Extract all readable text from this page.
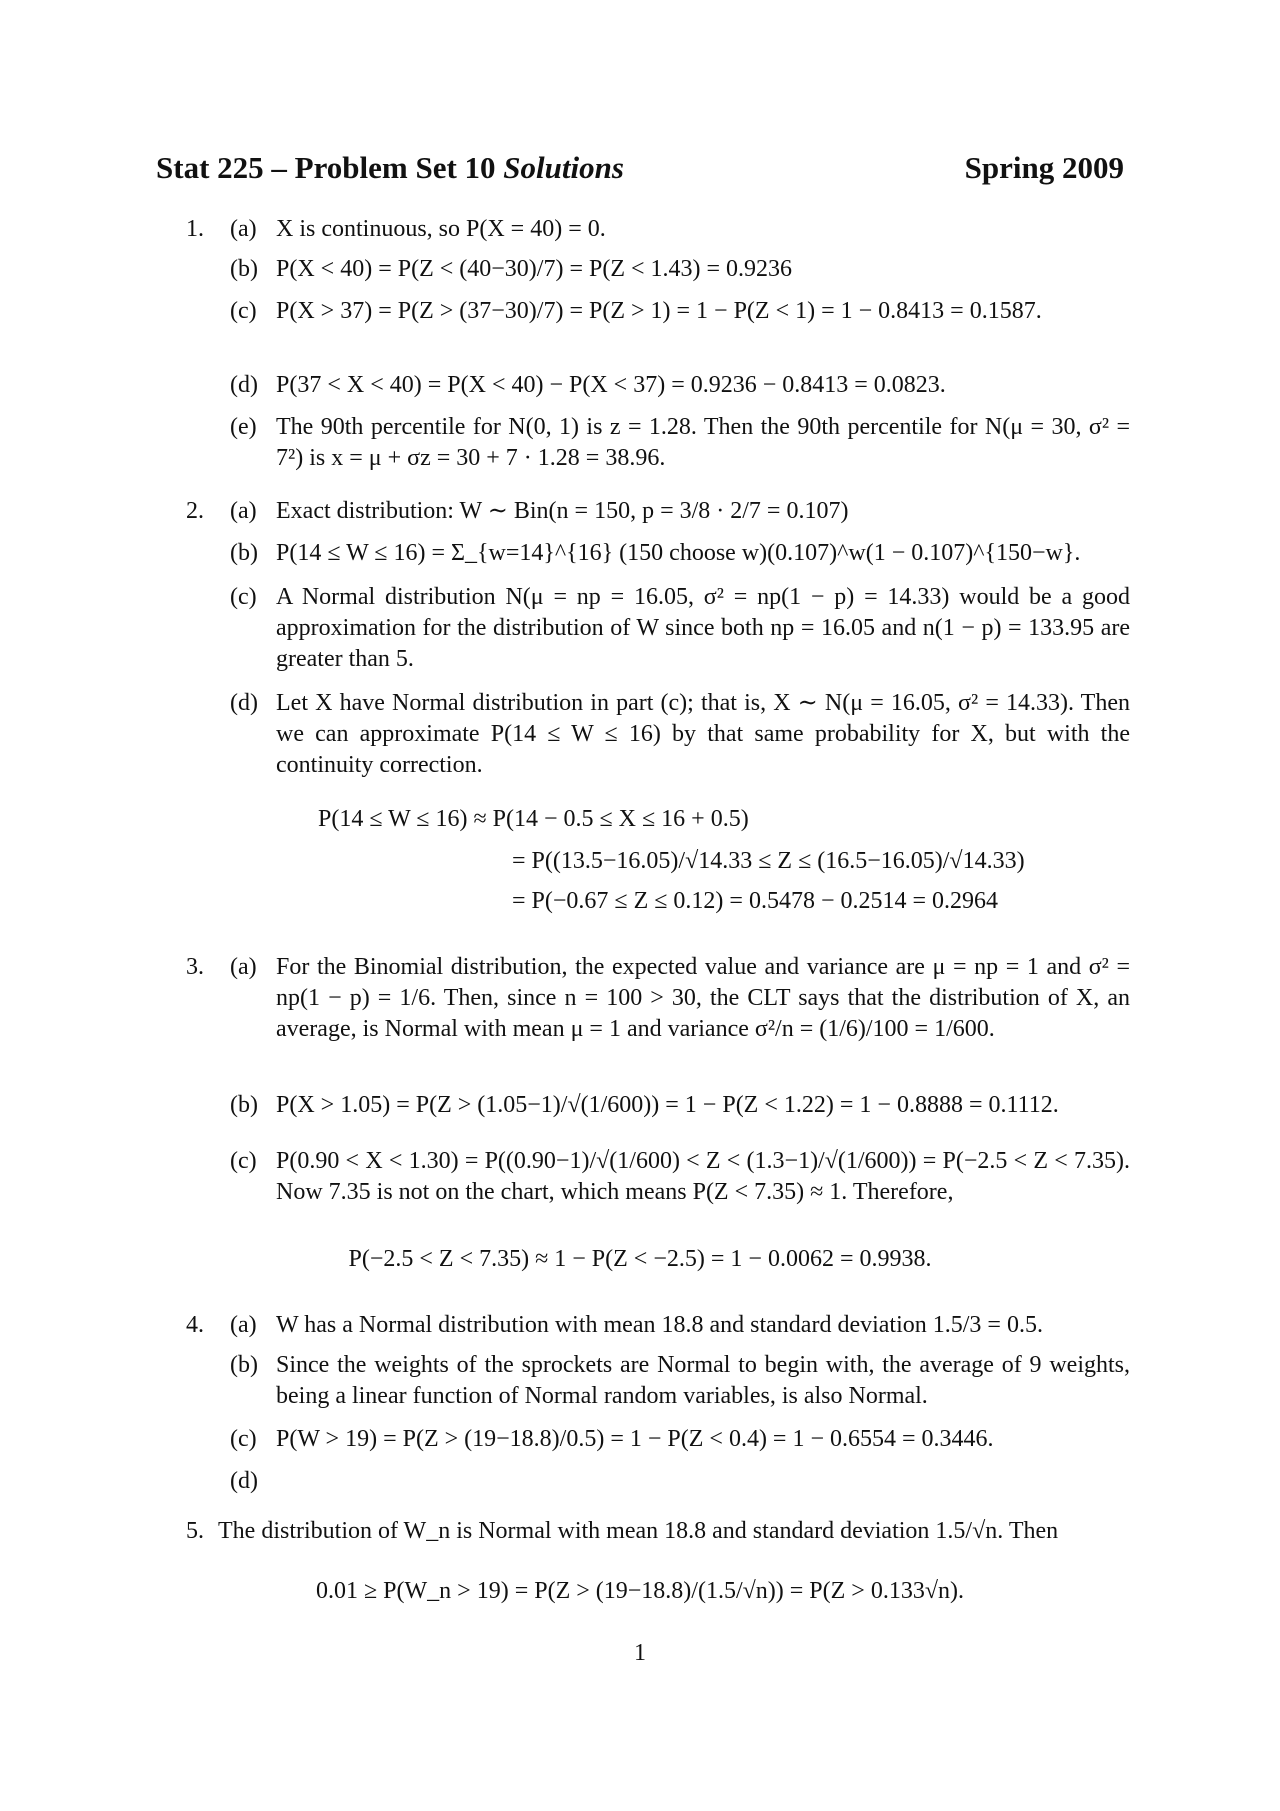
Stat 225 – Problem Set 10 Solutions	Spring 2009
1. (a) X is continuous, so P(X = 40) = 0.
(b) P(X < 40) = P(Z < (40−30)/7) = P(Z < 1.43) = 0.9236
(c) P(X > 37) = P(Z > (37−30)/7) = P(Z > 1) = 1 − P(Z < 1) = 1 − 0.8413 = 0.1587.
(d) P(37 < X < 40) = P(X < 40) − P(X < 37) = 0.9236 − 0.8413 = 0.0823.
(e) The 90th percentile for N(0, 1) is z = 1.28. Then the 90th percentile for N(μ = 30, σ² = 7²) is x = μ + σz = 30 + 7 · 1.28 = 38.96.
2. (a) Exact distribution: W ∼ Bin(n = 150, p = 3/8 · 2/7 = 0.107)
(b) P(14 ≤ W ≤ 16) = Σ_{w=14}^{16} (150 choose w)(0.107)^w(1 − 0.107)^{150−w}.
(c) A Normal distribution N(μ = np = 16.05, σ² = np(1 − p) = 14.33) would be a good approximation for the distribution of W since both np = 16.05 and n(1 − p) = 133.95 are greater than 5.
(d) Let X have Normal distribution in part (c); that is, X ∼ N(μ = 16.05, σ² = 14.33). Then we can approximate P(14 ≤ W ≤ 16) by that same probability for X, but with the continuity correction.
P(14 ≤ W ≤ 16) ≈ P(14 − 0.5 ≤ X ≤ 16 + 0.5)
= P((13.5−16.05)/√14.33 ≤ Z ≤ (16.5−16.05)/√14.33)
= P(−0.67 ≤ Z ≤ 0.12) = 0.5478 − 0.2514 = 0.2964
3. (a) For the Binomial distribution, the expected value and variance are μ = np = 1 and σ² = np(1 − p) = 1/6. Then, since n = 100 > 30, the CLT says that the distribution of X, an average, is Normal with mean μ = 1 and variance σ²/n = (1/6)/100 = 1/600.
(b) P(X > 1.05) = P(Z > (1.05−1)/√(1/600)) = 1 − P(Z < 1.22) = 1 − 0.8888 = 0.1112.
(c) P(0.90 < X < 1.30) = P((0.90−1)/√(1/600) < Z < (1.3−1)/√(1/600)) = P(−2.5 < Z < 7.35). Now 7.35 is not on the chart, which means P(Z < 7.35) ≈ 1. Therefore,
P(−2.5 < Z < 7.35) ≈ 1 − P(Z < −2.5) = 1 − 0.0062 = 0.9938.
4. (a) W has a Normal distribution with mean 18.8 and standard deviation 1.5/3 = 0.5.
(b) Since the weights of the sprockets are Normal to begin with, the average of 9 weights, being a linear function of Normal random variables, is also Normal.
(c) P(W > 19) = P(Z > (19−18.8)/0.5) = 1 − P(Z < 0.4) = 1 − 0.6554 = 0.3446.
(d)
5. The distribution of W_n is Normal with mean 18.8 and standard deviation 1.5/√n. Then
0.01 ≥ P(W_n > 19) = P(Z > (19−18.8)/(1.5/√n)) = P(Z > 0.133√n).
1
